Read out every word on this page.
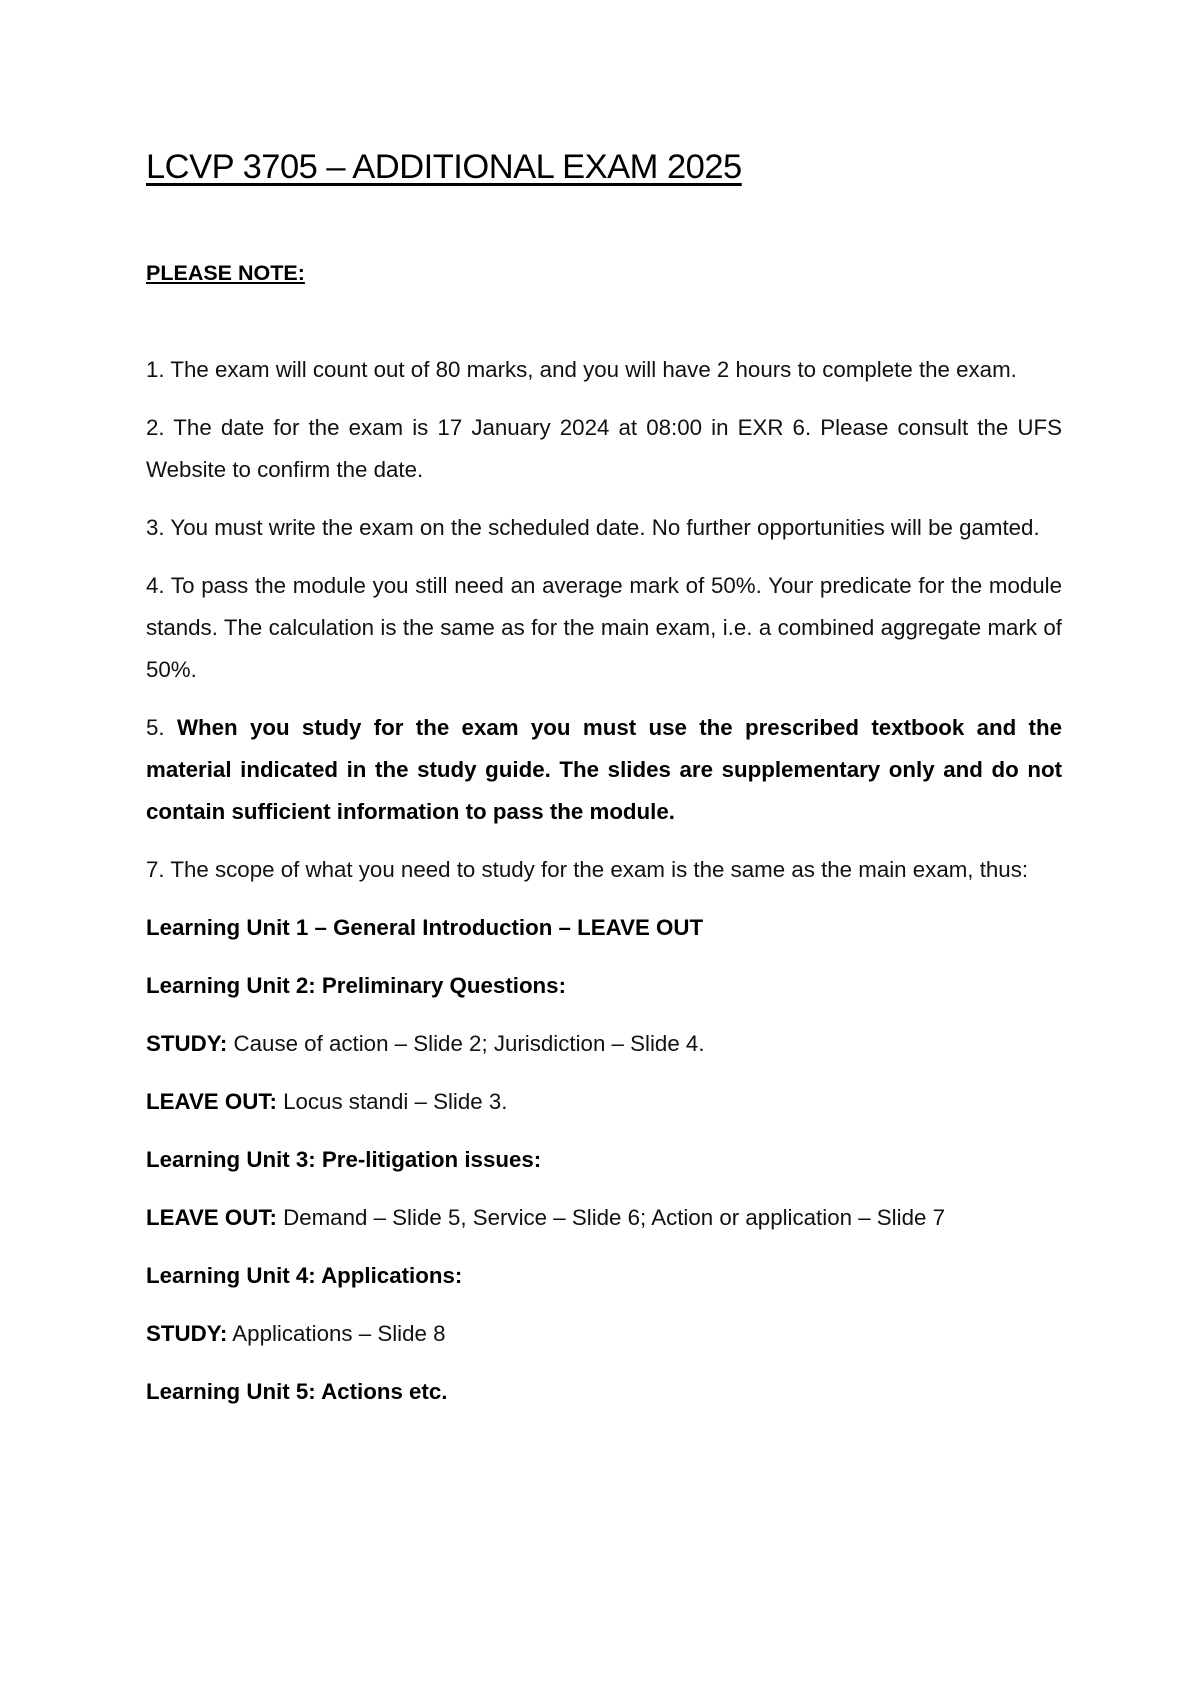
LCVP 3705 – ADDITIONAL EXAM 2025

PLEASE NOTE:

1. The exam will count out of 80 marks, and you will have 2 hours to complete the exam.

2. The date for the exam is 17 January 2024 at 08:00 in EXR 6. Please consult the UFS Website to confirm the date.

3. You must write the exam on the scheduled date. No further opportunities will be gamted.

4. To pass the module you still need an average mark of 50%. Your predicate for the module stands. The calculation is the same as for the main exam, i.e. a combined aggregate mark of 50%.

5. When you study for the exam you must use the prescribed textbook and the material indicated in the study guide. The slides are supplementary only and do not contain sufficient information to pass the module.

7. The scope of what you need to study for the exam is the same as the main exam, thus:

Learning Unit 1 – General Introduction – LEAVE OUT

Learning Unit 2: Preliminary Questions:

STUDY: Cause of action – Slide 2; Jurisdiction – Slide 4.

LEAVE OUT: Locus standi – Slide 3.

Learning Unit 3: Pre-litigation issues:

LEAVE OUT: Demand – Slide 5, Service – Slide 6; Action or application – Slide 7

Learning Unit 4: Applications:

STUDY: Applications – Slide 8

Learning Unit 5: Actions etc.
